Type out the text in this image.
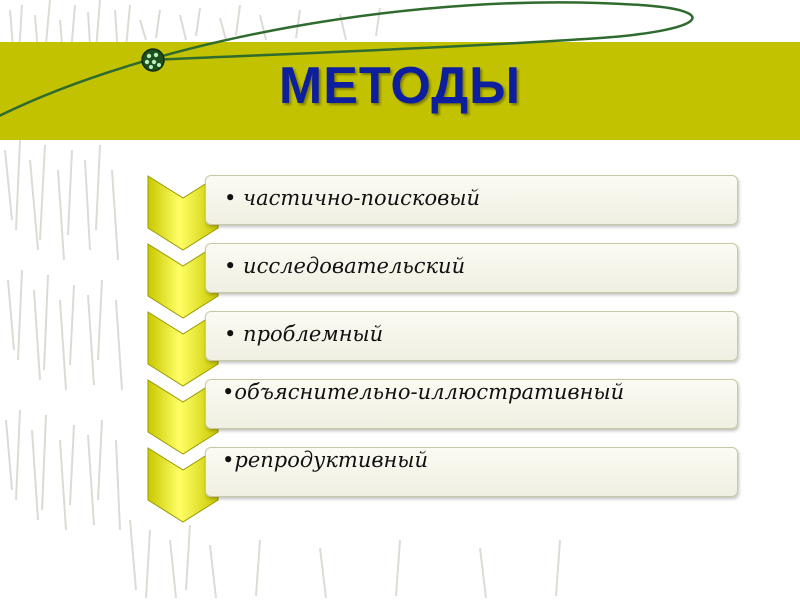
МЕТОДЫ
• частично-поисковый
• исследовательский
• проблемный
•объяснительно-иллюстративный
•репродуктивный
